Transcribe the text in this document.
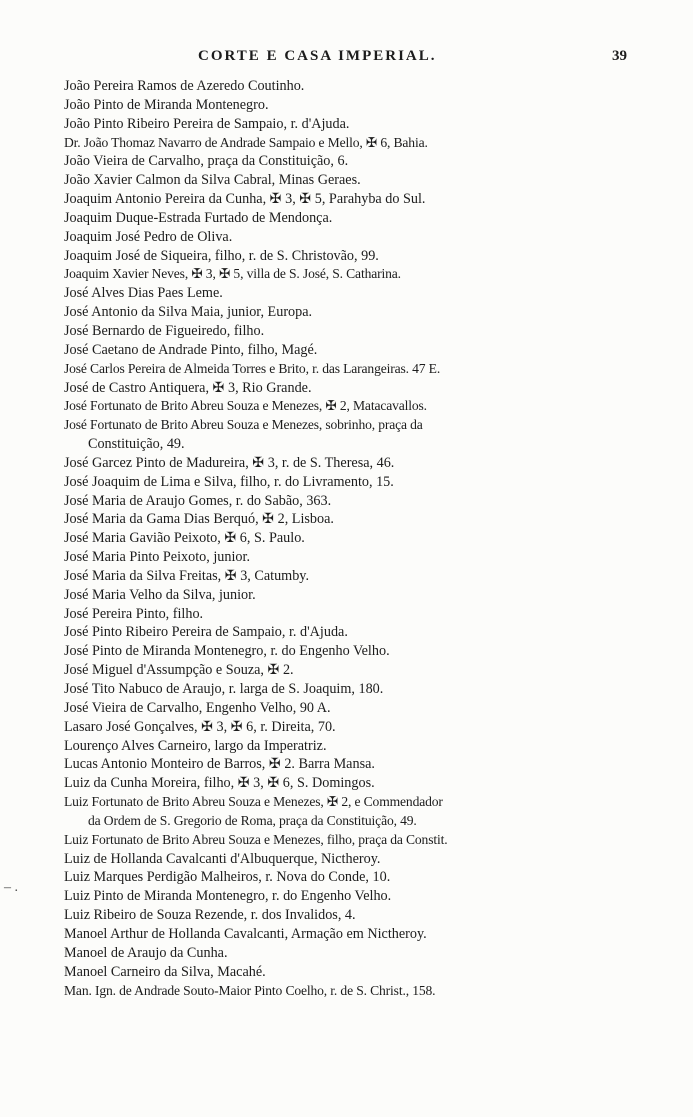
CORTE E CASA IMPERIAL.	39
João Pereira Ramos de Azeredo Coutinho.
João Pinto de Miranda Montenegro.
João Pinto Ribeiro Pereira de Sampaio, r. d'Ajuda.
Dr. João Thomaz Navarro de Andrade Sampaio e Mello, ✠ 6, Bahia.
João Vieira de Carvalho, praça da Constituição, 6.
João Xavier Calmon da Silva Cabral, Minas Geraes.
Joaquim Antonio Pereira da Cunha, ✠ 3, ✠ 5, Parahyba do Sul.
Joaquim Duque-Estrada Furtado de Mendonça.
Joaquim José Pedro de Oliva.
Joaquim José de Siqueira, filho, r. de S. Christovão, 99.
Joaquim Xavier Neves, ✠ 3, ✠ 5, villa de S. José, S. Catharina.
José Alves Dias Paes Leme.
José Antonio da Silva Maia, junior, Europa.
José Bernardo de Figueiredo, filho.
José Caetano de Andrade Pinto, filho, Magé.
José Carlos Pereira de Almeida Torres e Brito, r. das Larangeiras. 47 E.
José de Castro Antiquera, ✠ 3, Rio Grande.
José Fortunato de Brito Abreu Souza e Menezes, ✠ 2, Matacavallos.
José Fortunato de Brito Abreu Souza e Menezes, sobrinho, praça da
Constituição, 49.
José Garcez Pinto de Madureira, ✠ 3, r. de S. Theresa, 46.
José Joaquim de Lima e Silva, filho, r. do Livramento, 15.
José Maria de Araujo Gomes, r. do Sabão, 363.
José Maria da Gama Dias Berquó, ✠ 2, Lisboa.
José Maria Gavião Peixoto, ✠ 6, S. Paulo.
José Maria Pinto Peixoto, junior.
José Maria da Silva Freitas, ✠ 3, Catumby.
José Maria Velho da Silva, junior.
José Pereira Pinto, filho.
José Pinto Ribeiro Pereira de Sampaio, r. d'Ajuda.
José Pinto de Miranda Montenegro, r. do Engenho Velho.
José Miguel d'Assumpção e Souza, ✠ 2.
José Tito Nabuco de Araujo, r. larga de S. Joaquim, 180.
José Vieira de Carvalho, Engenho Velho, 90 A.
Lasaro José Gonçalves, ✠ 3, ✠ 6, r. Direita, 70.
Lourenço Alves Carneiro, largo da Imperatriz.
Lucas Antonio Monteiro de Barros, ✠ 2. Barra Mansa.
Luiz da Cunha Moreira, filho, ✠ 3, ✠ 6, S. Domingos.
Luiz Fortunato de Brito Abreu Souza e Menezes, ✠ 2, e Commendador
da Ordem de S. Gregorio de Roma, praça da Constituição, 49.
Luiz Fortunato de Brito Abreu Souza e Menezes, filho, praça da Constit.
Luiz de Hollanda Cavalcanti d'Albuquerque, Nictheroy.
Luiz Marques Perdigão Malheiros, r. Nova do Conde, 10.
Luiz Pinto de Miranda Montenegro, r. do Engenho Velho.
Luiz Ribeiro de Souza Rezende, r. dos Invalidos, 4.
Manoel Arthur de Hollanda Cavalcanti, Armação em Nictheroy.
Manoel de Araujo da Cunha.
Manoel Carneiro da Silva, Macahé.
Man. Ign. de Andrade Souto-Maior Pinto Coelho, r. de S. Christ., 158.
– .
